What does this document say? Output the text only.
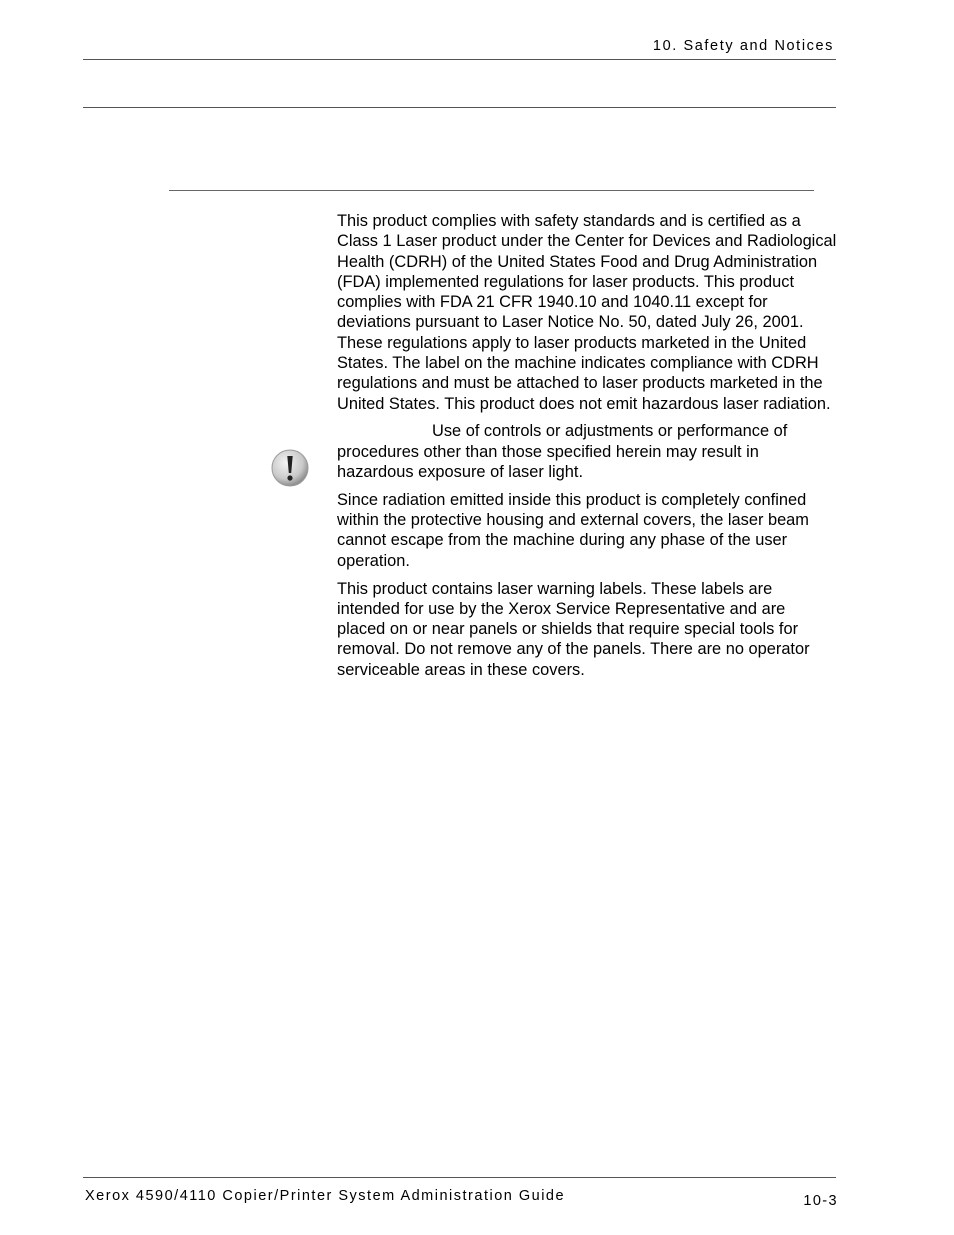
10. Safety and Notices

This product complies with safety standards and is certified as a Class 1 Laser product under the Center for Devices and Radiological Health (CDRH) of the United States Food and Drug Administration (FDA) implemented regulations for laser products. This product complies with FDA 21 CFR 1940.10 and 1040.11 except for deviations pursuant to Laser Notice No. 50, dated July 26, 2001. These regulations apply to laser products marketed in the United States. The label on the machine indicates compliance with CDRH regulations and must be attached to laser products marketed in the United States. This product does not emit hazardous laser radiation.

Use of controls or adjustments or performance of procedures other than those specified herein may result in hazardous exposure of laser light.

Since radiation emitted inside this product is completely confined within the protective housing and external covers, the laser beam cannot escape from the machine during any phase of the user operation.

This product contains laser warning labels. These labels are intended for use by the Xerox Service Representative and are placed on or near panels or shields that require special tools for removal. Do not remove any of the panels. There are no operator serviceable areas in these covers.

Xerox 4590/4110 Copier/Printer System Administration Guide	10-3
